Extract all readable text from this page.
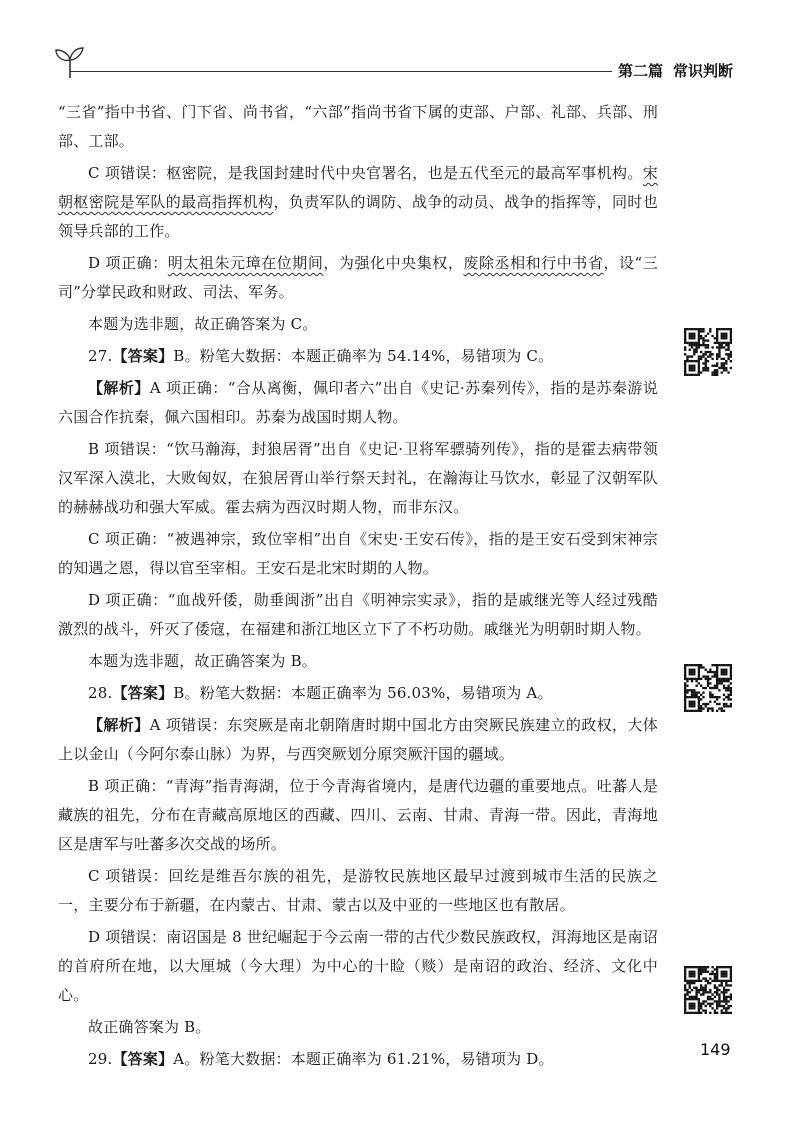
第二篇 常识判断

“三省”指中书省、门下省、尚书省，“六部”指尚书省下属的吏部、户部、礼部、兵部、刑部、工部。

C 项错误：枢密院，是我国封建时代中央官署名，也是五代至元的最高军事机构。宋朝枢密院是军队的最高指挥机构，负责军队的调防、战争的动员、战争的指挥等，同时也领导兵部的工作。

D 项正确：明太祖朱元璋在位期间，为强化中央集权，废除丞相和行中书省，设“三司”分掌民政和财政、司法、军务。

本题为选非题，故正确答案为 C。

27.【答案】B。粉笔大数据：本题正确率为 54.14%，易错项为 C。

【解析】A 项正确：“合从离衡，佩印者六”出自《史记·苏秦列传》，指的是苏秦游说六国合作抗秦，佩六国相印。苏秦为战国时期人物。

B 项错误：“饮马瀚海，封狼居胥”出自《史记·卫将军骠骑列传》，指的是霍去病带领汉军深入漠北，大败匈奴，在狼居胥山举行祭天封礼，在瀚海让马饮水，彰显了汉朝军队的赫赫战功和强大军威。霍去病为西汉时期人物，而非东汉。

C 项正确：“被遇神宗，致位宰相”出自《宋史·王安石传》，指的是王安石受到宋神宗的知遇之恩，得以官至宰相。王安石是北宋时期的人物。

D 项正确：“血战歼倭，勋垂闽浙”出自《明神宗实录》，指的是戚继光等人经过残酷激烈的战斗，歼灭了倭寇，在福建和浙江地区立下了不朽功勋。戚继光为明朝时期人物。

本题为选非题，故正确答案为 B。

28.【答案】B。粉笔大数据：本题正确率为 56.03%，易错项为 A。

【解析】A 项错误：东突厥是南北朝隋唐时期中国北方由突厥民族建立的政权，大体上以金山（今阿尔泰山脉）为界，与西突厥划分原突厥汗国的疆域。

B 项正确：“青海”指青海湖，位于今青海省境内，是唐代边疆的重要地点。吐蕃人是藏族的祖先，分布在青藏高原地区的西藏、四川、云南、甘肃、青海一带。因此，青海地区是唐军与吐蕃多次交战的场所。

C 项错误：回纥是维吾尔族的祖先，是游牧民族地区最早过渡到城市生活的民族之一，主要分布于新疆，在内蒙古、甘肃、蒙古以及中亚的一些地区也有散居。

D 项错误：南诏国是 8 世纪崛起于今云南一带的古代少数民族政权，洱海地区是南诏的首府所在地，以大厘城（今大理）为中心的十睑（赕）是南诏的政治、经济、文化中心。

故正确答案为 B。

29.【答案】A。粉笔大数据：本题正确率为 61.21%，易错项为 D。	149
